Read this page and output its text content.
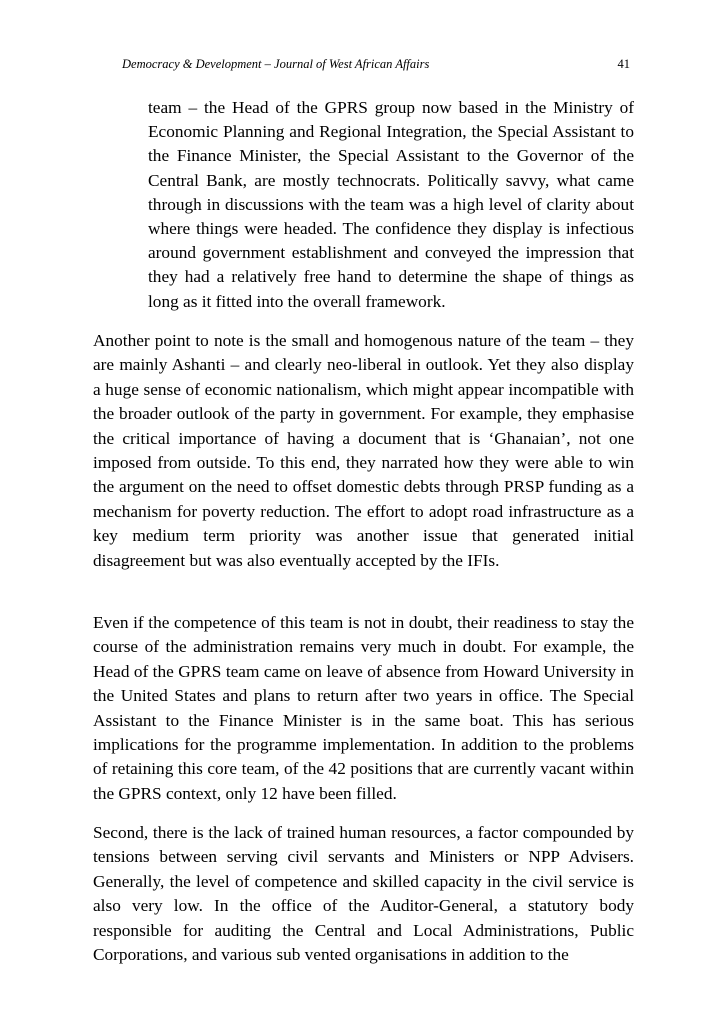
Democracy & Development – Journal of West African Affairs	41
team – the Head of the GPRS group now based in the Ministry of Economic Planning and Regional Integration, the Special Assistant to the Finance Minister, the Special Assistant to the Governor of the Central Bank, are mostly technocrats. Politically savvy, what came through in discussions with the team was a high level of clarity about where things were headed. The confidence they display is infectious around government establishment and conveyed the impression that they had a relatively free hand to determine the shape of things as long as it fitted into the overall framework.

Another point to note is the small and homogenous nature of the team – they are mainly Ashanti – and clearly neo-liberal in outlook. Yet they also display a huge sense of economic nationalism, which might appear incompatible with the broader outlook of the party in government. For example, they emphasise the critical importance of having a document that is ‘Ghanaian’, not one imposed from outside. To this end, they narrated how they were able to win the argument on the need to offset domestic debts through PRSP funding as a mechanism for poverty reduction. The effort to adopt road infrastructure as a key medium term priority was another issue that generated initial disagreement but was also eventually accepted by the IFIs.

Even if the competence of this team is not in doubt, their readiness to stay the course of the administration remains very much in doubt. For example, the Head of the GPRS team came on leave of absence from Howard University in the United States and plans to return after two years in office. The Special Assistant to the Finance Minister is in the same boat. This has serious implications for the programme implementation. In addition to the problems of retaining this core team, of the 42 positions that are currently vacant within the GPRS context, only 12 have been filled.

Second, there is the lack of trained human resources, a factor compounded by tensions between serving civil servants and Ministers or NPP Advisers. Generally, the level of competence and skilled capacity in the civil service is also very low. In the office of the Auditor-General, a statutory body responsible for auditing the Central and Local Administrations, Public Corporations, and various sub vented organisations in addition to the
